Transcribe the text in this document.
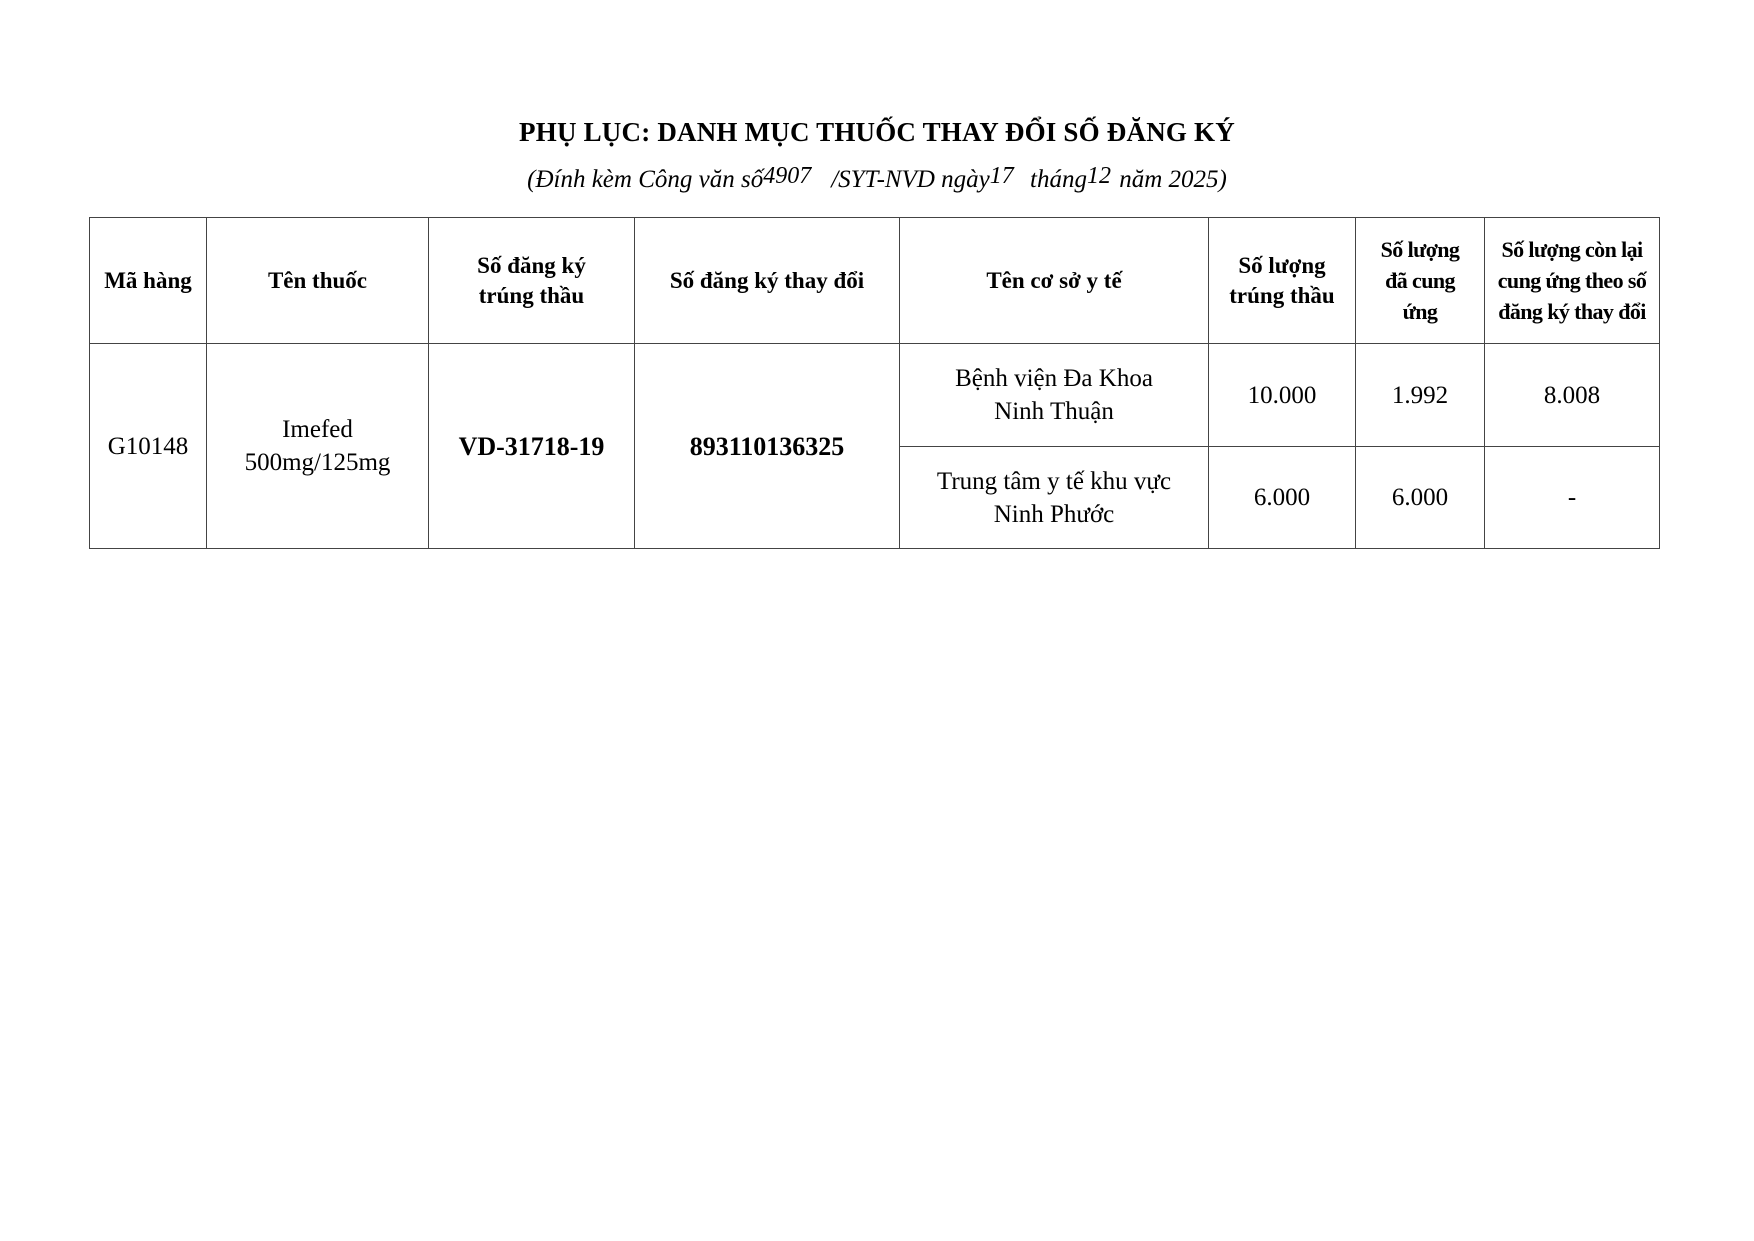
PHỤ LỤC: DANH MỤC THUỐC THAY ĐỔI SỐ ĐĂNG KÝ
(Đính kèm Công văn số4907 /SYT-NVD ngày17 tháng12 năm 2025)
Mã hàng	Tên thuốc	Số đăng ký trúng thầu	Số đăng ký thay đổi	Tên cơ sở y tế	Số lượng trúng thầu	Số lượng đã cung ứng	Số lượng còn lại cung ứng theo số đăng ký thay đổi
G10148	Imefed 500mg/125mg	VD-31718-19	893110136325	Bệnh viện Đa Khoa Ninh Thuận	10.000	1.992	8.008
				Trung tâm y tế khu vực Ninh Phước	6.000	6.000	-
